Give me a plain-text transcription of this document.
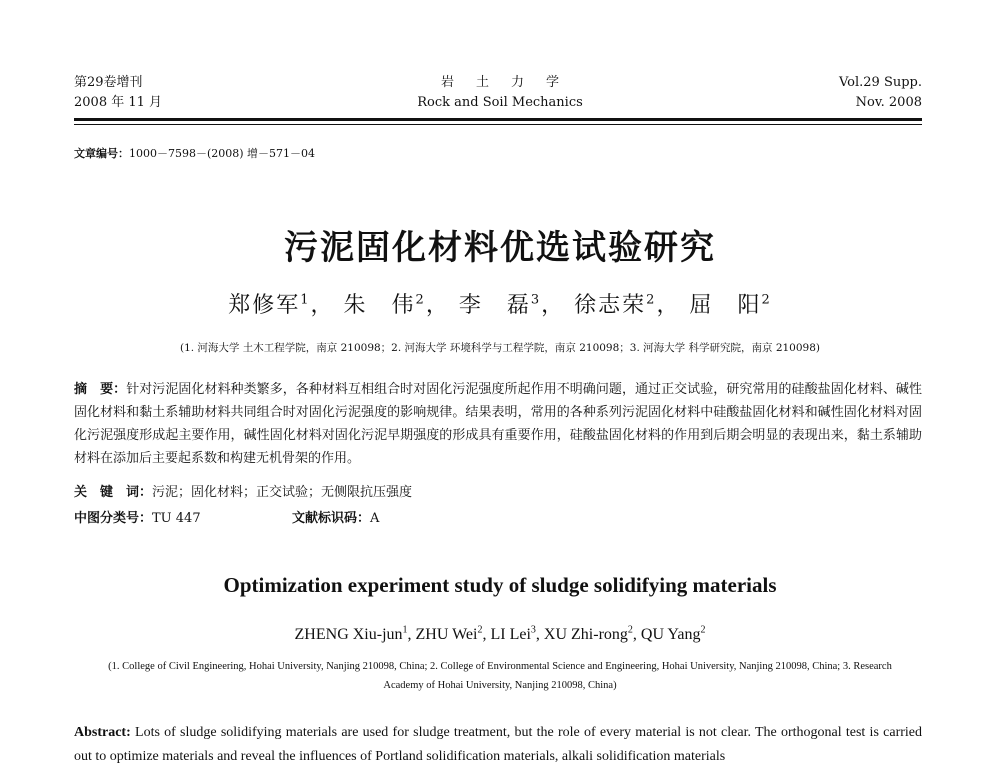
第29卷增刊
2008 年 11 月
岩土力学
Rock and Soil Mechanics
Vol.29 Supp.
Nov. 2008
文章编号：1000－7598－(2008) 增－571－04
污泥固化材料优选试验研究
郑修军$^1$， 朱　伟$^2$， 李　磊$^3$， 徐志荣$^2$， 屈　阳$^2$
(1. 河海大学 土木工程学院，南京 210098；2. 河海大学 环境科学与工程学院，南京 210098；3. 河海大学 科学研究院，南京 210098)
摘　要：针对污泥固化材料种类繁多，各种材料互相组合时对固化污泥强度所起作用不明确问题，通过正交试验，研究常用的硅酸盐固化材料、碱性固化材料和黏土系辅助材料共同组合时对固化污泥强度的影响规律。结果表明，常用的各种系列污泥固化材料中硅酸盐固化材料和碱性固化材料对固化污泥强度形成起主要作用，碱性固化材料对固化污泥早期强度的形成具有重要作用，硅酸盐固化材料的作用到后期会明显的表现出来，黏土系辅助材料在添加后主要起系数和构建无机骨架的作用。
关　键　词：污泥；固化材料；正交试验；无侧限抗压强度
中图分类号：TU 447	文献标识码：A
Optimization experiment study of sludge solidifying materials
ZHENG Xiu-jun$^1$, ZHU Wei$^2$, LI Lei$^3$, XU Zhi-rong$^2$, QU Yang$^2$
(1. College of Civil Engineering, Hohai University, Nanjing 210098, China; 2. College of Environmental Science and Engineering, Hohai University, Nanjing 210098, China; 3. Research Academy of Hohai University, Nanjing 210098, China)
Abstract: Lots of sludge solidifying materials are used for sludge treatment, but the role of every material is not clear. The orthogonal test is carried out to optimize materials and reveal the influences of Portland solidification materials, alkali solidification materials
